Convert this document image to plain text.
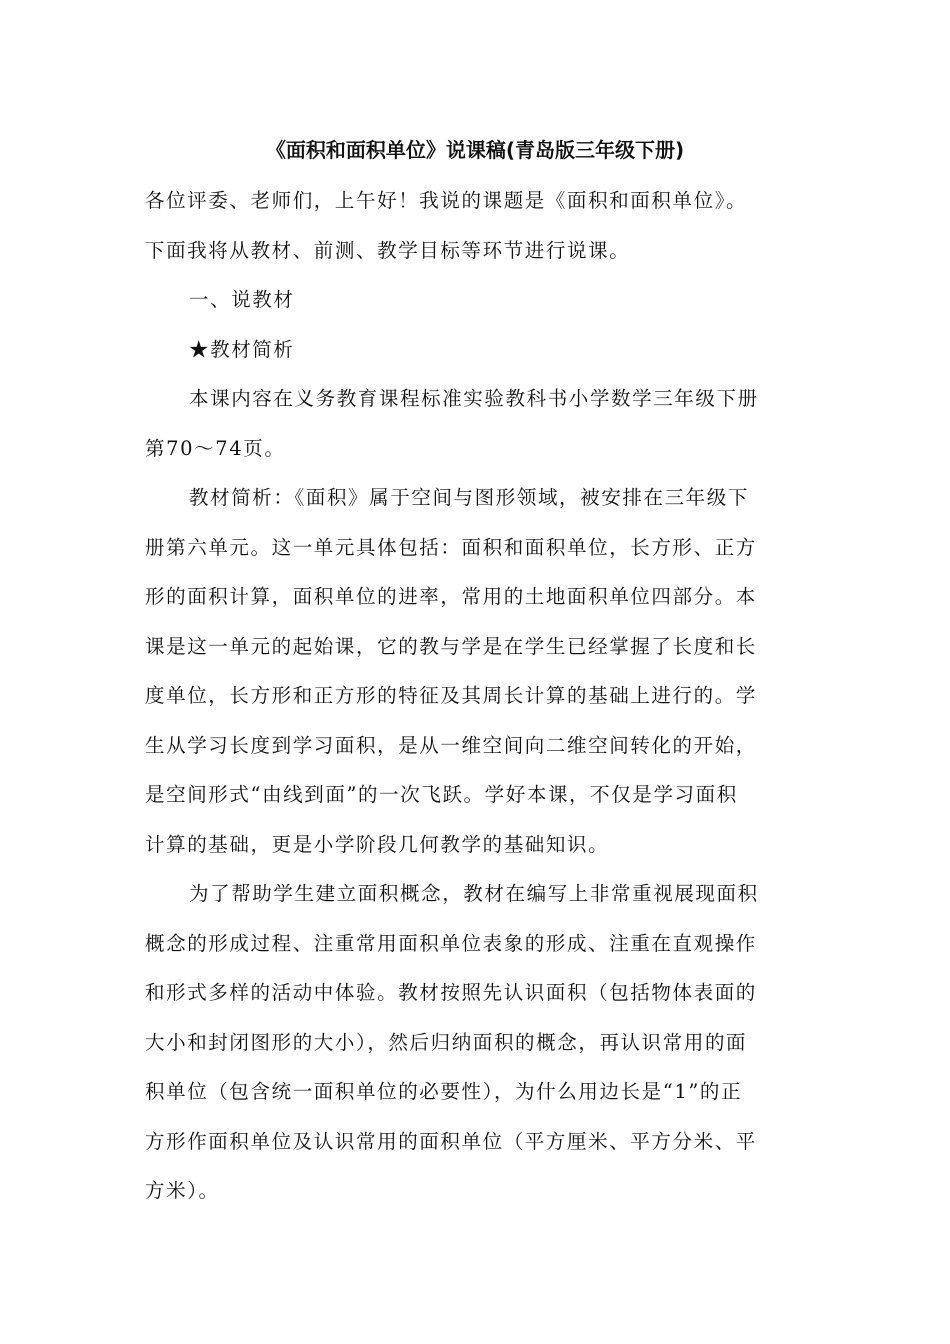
《面积和面积单位》说课稿(青岛版三年级下册)
各位评委、老师们，上午好！我说的课题是《面积和面积单位》。
下面我将从教材、前测、教学目标等环节进行说课。
一、说教材
★教材简析
本课内容在义务教育课程标准实验教科书小学数学三年级下册
第70～74页。
教材简析：《面积》属于空间与图形领域，被安排在三年级下
册第六单元。这一单元具体包括：面积和面积单位，长方形、正方
形的面积计算，面积单位的进率，常用的土地面积单位四部分。本
课是这一单元的起始课，它的教与学是在学生已经掌握了长度和长
度单位，长方形和正方形的特征及其周长计算的基础上进行的。学
生从学习长度到学习面积，是从一维空间向二维空间转化的开始，
是空间形式“由线到面”的一次飞跃。学好本课，不仅是学习面积
计算的基础，更是小学阶段几何教学的基础知识。
为了帮助学生建立面积概念，教材在编写上非常重视展现面积
概念的形成过程、注重常用面积单位表象的形成、注重在直观操作
和形式多样的活动中体验。教材按照先认识面积（包括物体表面的
大小和封闭图形的大小），然后归纳面积的概念，再认识常用的面
积单位（包含统一面积单位的必要性），为什么用边长是“1”的正
方形作面积单位及认识常用的面积单位（平方厘米、平方分米、平
方米）。
